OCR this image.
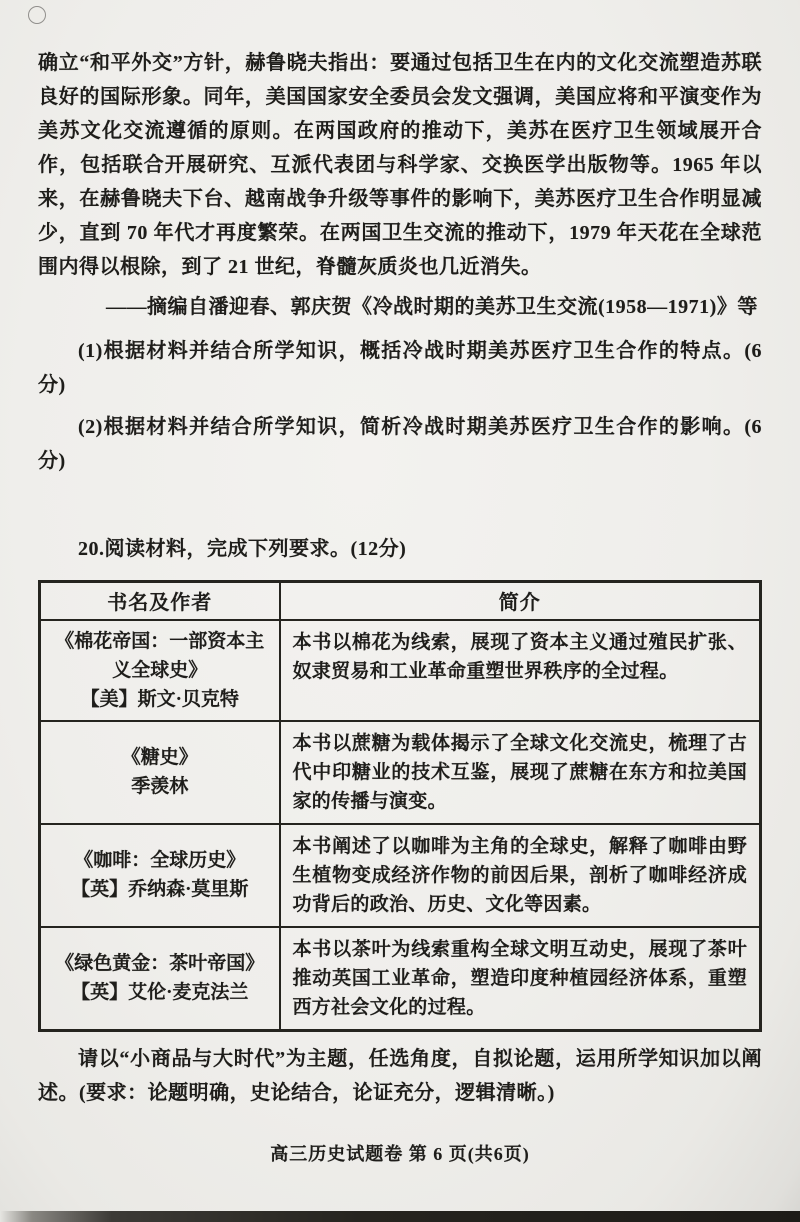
确立“和平外交”方针，赫鲁晓夫指出：要通过包括卫生在内的文化交流塑造苏联良好的国际形象。同年，美国国家安全委员会发文强调，美国应将和平演变作为美苏文化交流遵循的原则。在两国政府的推动下，美苏在医疗卫生领域展开合作，包括联合开展研究、互派代表团与科学家、交换医学出版物等。1965 年以来，在赫鲁晓夫下台、越南战争升级等事件的影响下，美苏医疗卫生合作明显减少，直到 70 年代才再度繁荣。在两国卫生交流的推动下，1979 年天花在全球范围内得以根除，到了 21 世纪，脊髓灰质炎也几近消失。

——摘编自潘迎春、郭庆贺《冷战时期的美苏卫生交流(1958—1971)》等

(1)根据材料并结合所学知识，概括冷战时期美苏医疗卫生合作的特点。(6分)

(2)根据材料并结合所学知识，简析冷战时期美苏医疗卫生合作的影响。(6分)

20.阅读材料，完成下列要求。(12分)

书名及作者	简介

《棉花帝国：一部资本主义全球史》
【美】斯文·贝克特	本书以棉花为线索，展现了资本主义通过殖民扩张、奴隶贸易和工业革命重塑世界秩序的全过程。

《糖史》
季羡林	本书以蔗糖为载体揭示了全球文化交流史，梳理了古代中印糖业的技术互鉴，展现了蔗糖在东方和拉美国家的传播与演变。

《咖啡：全球历史》
【英】乔纳森·莫里斯	本书阐述了以咖啡为主角的全球史，解释了咖啡由野生植物变成经济作物的前因后果，剖析了咖啡经济成功背后的政治、历史、文化等因素。

《绿色黄金：茶叶帝国》
【英】艾伦·麦克法兰	本书以茶叶为线索重构全球文明互动史，展现了茶叶推动英国工业革命，塑造印度种植园经济体系，重塑西方社会文化的过程。

请以“小商品与大时代”为主题，任选角度，自拟论题，运用所学知识加以阐述。(要求：论题明确，史论结合，论证充分，逻辑清晰。)

高三历史试题卷 第 6 页(共6页)
